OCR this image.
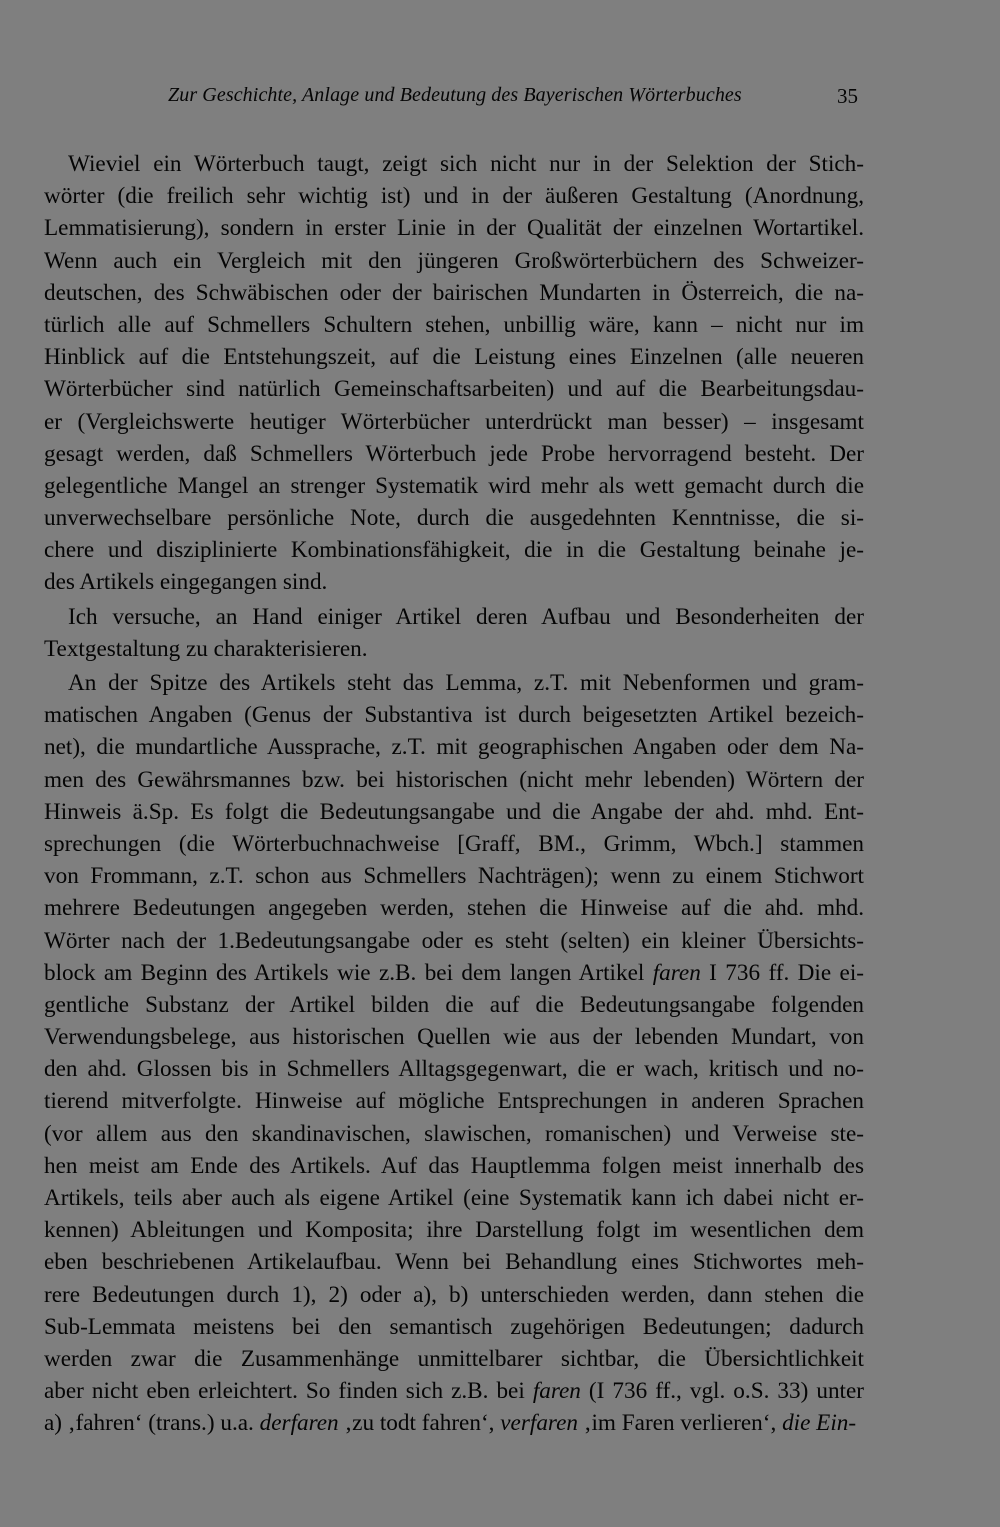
Zur Geschichte, Anlage und Bedeutung des Bayerischen Wörterbuches	35
Wieviel ein Wörterbuch taugt, zeigt sich nicht nur in der Selektion der Stich-
wörter (die freilich sehr wichtig ist) und in der äußeren Gestaltung (Anordnung,
Lemmatisierung), sondern in erster Linie in der Qualität der einzelnen Wortartikel.
Wenn auch ein Vergleich mit den jüngeren Großwörterbüchern des Schweizer-
deutschen, des Schwäbischen oder der bairischen Mundarten in Österreich, die na-
türlich alle auf Schmellers Schultern stehen, unbillig wäre, kann – nicht nur im
Hinblick auf die Entstehungszeit, auf die Leistung eines Einzelnen (alle neueren
Wörterbücher sind natürlich Gemeinschaftsarbeiten) und auf die Bearbeitungsdau-
er (Vergleichswerte heutiger Wörterbücher unterdrückt man besser) – insgesamt
gesagt werden, daß Schmellers Wörterbuch jede Probe hervorragend besteht. Der
gelegentliche Mangel an strenger Systematik wird mehr als wett gemacht durch die
unverwechselbare persönliche Note, durch die ausgedehnten Kenntnisse, die si-
chere und disziplinierte Kombinationsfähigkeit, die in die Gestaltung beinahe je-
des Artikels eingegangen sind.
Ich versuche, an Hand einiger Artikel deren Aufbau und Besonderheiten der
Textgestaltung zu charakterisieren.
An der Spitze des Artikels steht das Lemma, z.T. mit Nebenformen und gram-
matischen Angaben (Genus der Substantiva ist durch beigesetzten Artikel bezeich-
net), die mundartliche Aussprache, z.T. mit geographischen Angaben oder dem Na-
men des Gewährsmannes bzw. bei historischen (nicht mehr lebenden) Wörtern der
Hinweis ä.Sp. Es folgt die Bedeutungsangabe und die Angabe der ahd. mhd. Ent-
sprechungen (die Wörterbuchnachweise [Graff, BM., Grimm, Wbch.] stammen
von Frommann, z.T. schon aus Schmellers Nachträgen); wenn zu einem Stichwort
mehrere Bedeutungen angegeben werden, stehen die Hinweise auf die ahd. mhd.
Wörter nach der 1.Bedeutungsangabe oder es steht (selten) ein kleiner Übersichts-
block am Beginn des Artikels wie z.B. bei dem langen Artikel faren I 736 ff. Die ei-
gentliche Substanz der Artikel bilden die auf die Bedeutungsangabe folgenden
Verwendungsbelege, aus historischen Quellen wie aus der lebenden Mundart, von
den ahd. Glossen bis in Schmellers Alltagsgegenwart, die er wach, kritisch und no-
tierend mitverfolgte. Hinweise auf mögliche Entsprechungen in anderen Sprachen
(vor allem aus den skandinavischen, slawischen, romanischen) und Verweise ste-
hen meist am Ende des Artikels. Auf das Hauptlemma folgen meist innerhalb des
Artikels, teils aber auch als eigene Artikel (eine Systematik kann ich dabei nicht er-
kennen) Ableitungen und Komposita; ihre Darstellung folgt im wesentlichen dem
eben beschriebenen Artikelaufbau. Wenn bei Behandlung eines Stichwortes meh-
rere Bedeutungen durch 1), 2) oder a), b) unterschieden werden, dann stehen die
Sub-Lemmata meistens bei den semantisch zugehörigen Bedeutungen; dadurch
werden zwar die Zusammenhänge unmittelbarer sichtbar, die Übersichtlichkeit
aber nicht eben erleichtert. So finden sich z.B. bei faren (I 736 ff., vgl. o.S. 33) unter
a) ‚fahren‘ (trans.) u.a. derfaren ‚zu todt fahren‘, verfaren ‚im Faren verlieren‘, die Ein-
